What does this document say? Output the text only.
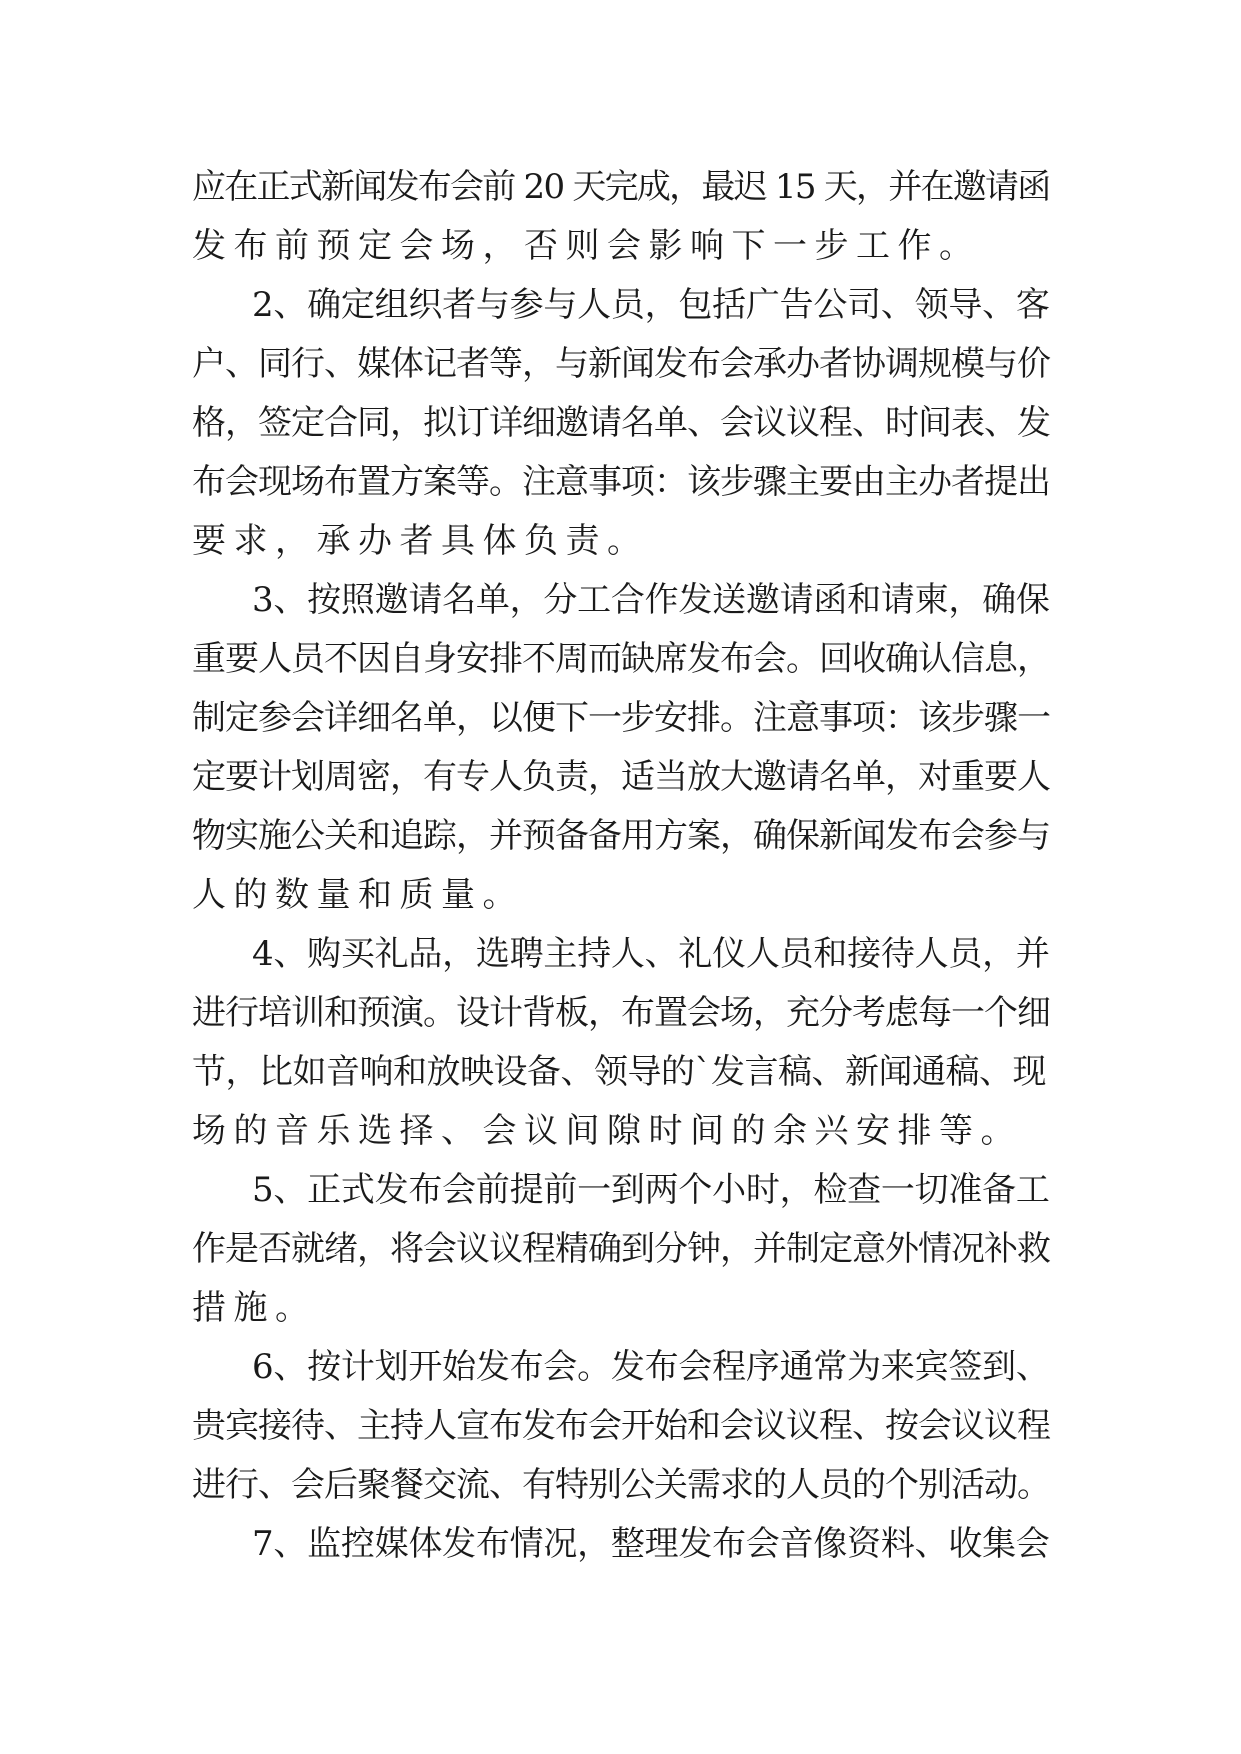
应在正式新闻发布会前 20 天完成，最迟 15 天，并在邀请函
发布前预定会场，否则会影响下一步工作。
2、确定组织者与参与人员，包括广告公司、领导、客
户、同行、媒体记者等，与新闻发布会承办者协调规模与价
格，签定合同，拟订详细邀请名单、会议议程、时间表、发
布会现场布置方案等。注意事项：该步骤主要由主办者提出
要求，承办者具体负责。
3、按照邀请名单，分工合作发送邀请函和请柬，确保
重要人员不因自身安排不周而缺席发布会。回收确认信息，
制定参会详细名单，以便下一步安排。注意事项：该步骤一
定要计划周密，有专人负责，适当放大邀请名单，对重要人
物实施公关和追踪，并预备备用方案，确保新闻发布会参与
人的数量和质量。
4、购买礼品，选聘主持人、礼仪人员和接待人员，并
进行培训和预演。设计背板，布置会场，充分考虑每一个细
节，比如音响和放映设备、领导的`发言稿、新闻通稿、现
场的音乐选择、会议间隙时间的余兴安排等。
5、正式发布会前提前一到两个小时，检查一切准备工
作是否就绪，将会议议程精确到分钟，并制定意外情况补救
措施。
6、按计划开始发布会。发布会程序通常为来宾签到、
贵宾接待、主持人宣布发布会开始和会议议程、按会议议程
进行、会后聚餐交流、有特别公关需求的人员的个别活动。
7、监控媒体发布情况，整理发布会音像资料、收集会
